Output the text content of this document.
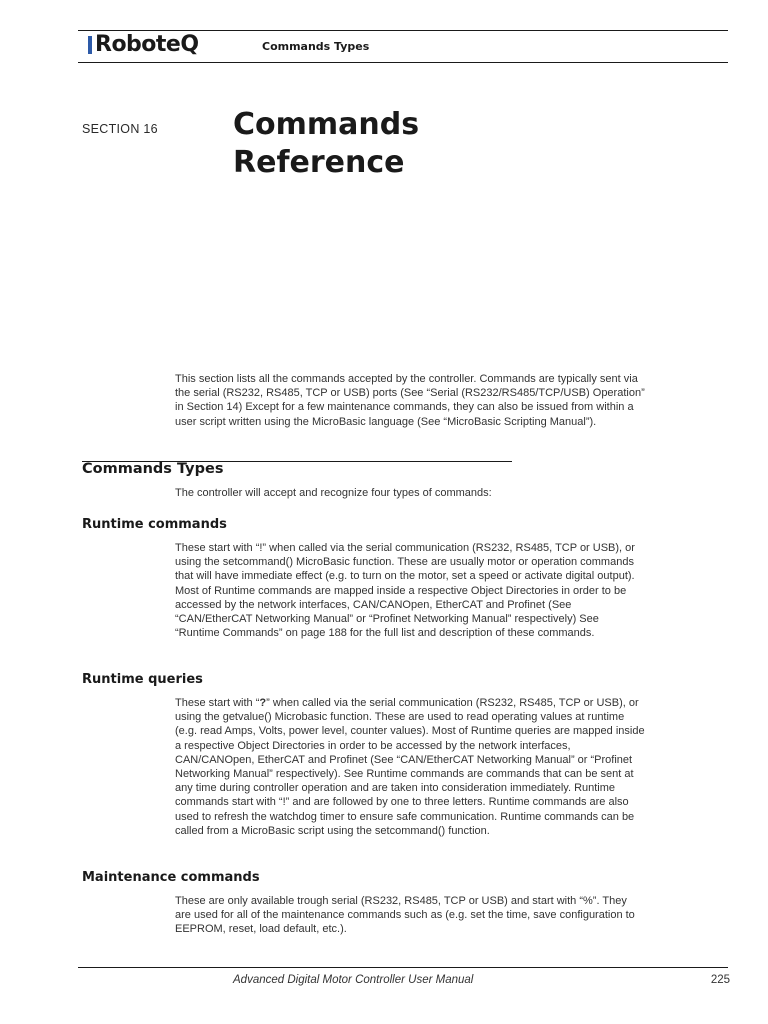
RoboteQ	Commands Types
SECTION 16	Commands
Reference

This section lists all the commands accepted by the controller. Commands are typically sent via the serial (RS232, RS485, TCP or USB) ports (See “Serial (RS232/RS485/TCP/USB) Operation” in Section 14) Except for a few maintenance commands, they can also be issued from within a user script written using the MicroBasic language (See “MicroBasic Scripting Manual”).

Commands Types

The controller will accept and recognize four types of commands:

Runtime commands

These start with “!” when called via the serial communication (RS232, RS485, TCP or USB), or using the setcommand() MicroBasic function. These are usually motor or operation commands that will have immediate effect (e.g. to turn on the motor, set a speed or activate digital output). Most of Runtime commands are mapped inside a respective Object Directories in order to be accessed by the network interfaces, CAN/CANOpen, EtherCAT and Profinet (See “CAN/EtherCAT Networking Manual” or “Profinet Networking Manual” respectively) See “Runtime Commands” on page 188 for the full list and description of these commands.

Runtime queries

These start with “?” when called via the serial communication (RS232, RS485, TCP or USB), or using the getvalue() Microbasic function. These are used to read operating values at runtime (e.g. read Amps, Volts, power level, counter values). Most of Runtime queries are mapped inside a respective Object Directories in order to be accessed by the network interfaces, CAN/CANOpen, EtherCAT and Profinet (See “CAN/EtherCAT Networking Manual” or “Profinet Networking Manual” respectively). See Runtime commands are commands that can be sent at any time during controller operation and are taken into consideration immediately. Runtime commands start with “!” and are followed by one to three letters. Runtime commands are also used to refresh the watchdog timer to ensure safe communication. Runtime commands can be called from a MicroBasic script using the setcommand() function.

Maintenance commands

These are only available trough serial (RS232, RS485, TCP or USB) and start with “%”. They are used for all of the maintenance commands such as (e.g. set the time, save configuration to EEPROM, reset, load default, etc.).

Advanced Digital Motor Controller User Manual	225
